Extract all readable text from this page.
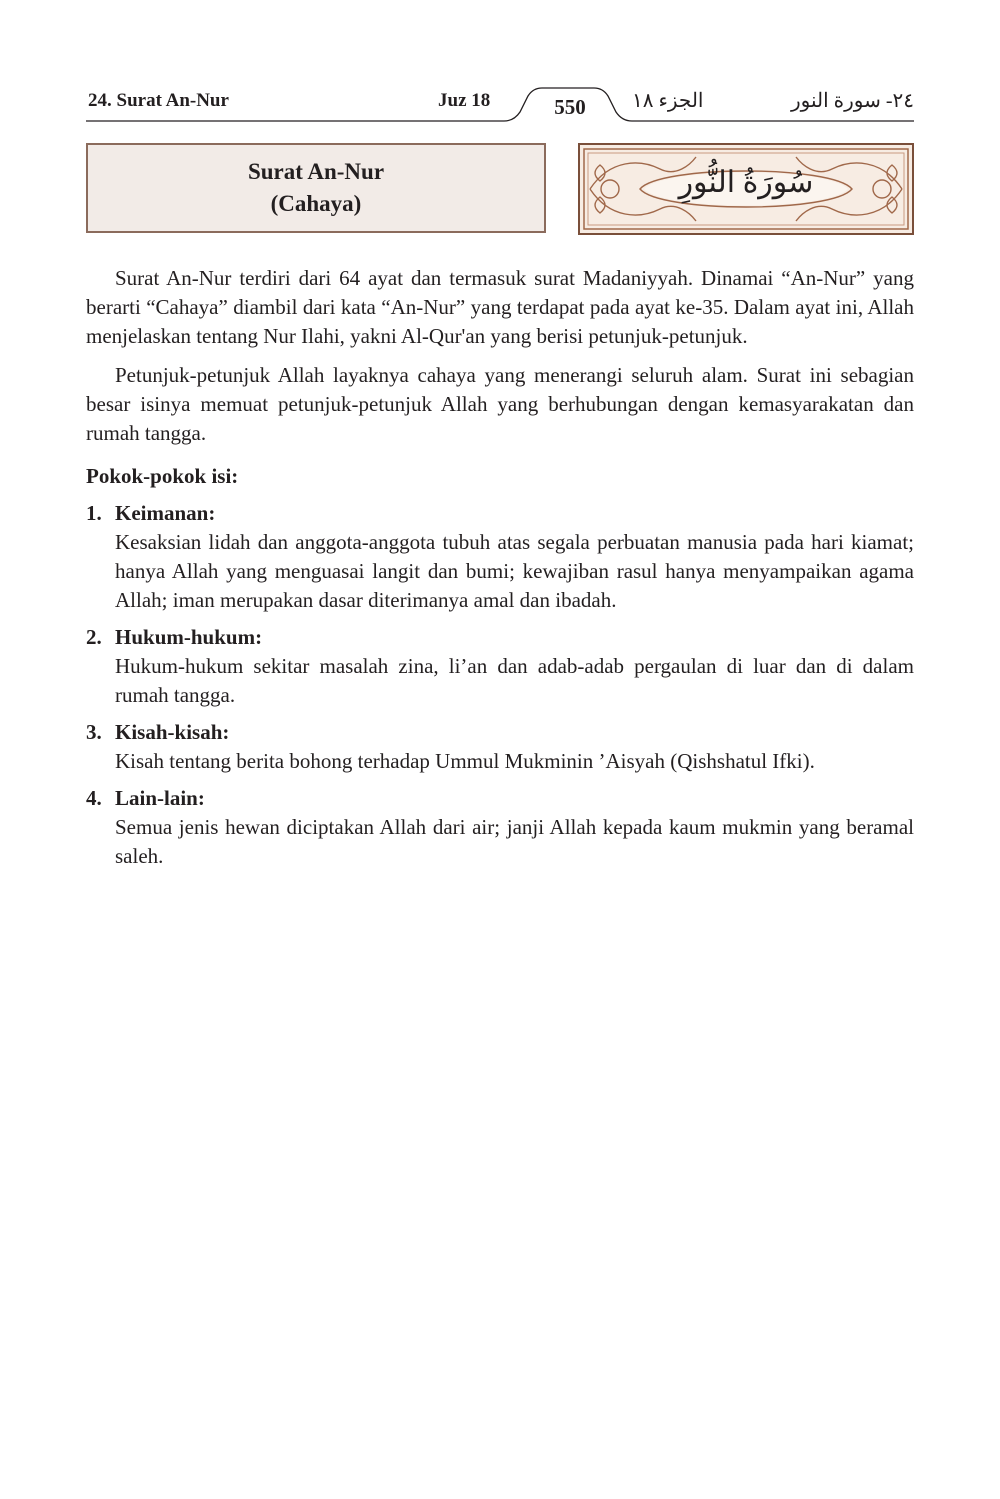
24. Surat An-Nur	Juz 18	550	الجزء ١٨	٢٤- سورة النور
Surat An-Nur
(Cahaya)
سُورَةُ النُّورِ

Surat An-Nur terdiri dari 64 ayat dan termasuk surat Madaniyyah. Dinamai “An-Nur” yang berarti “Cahaya” diambil dari kata “An-Nur” yang terdapat pada ayat ke-35. Dalam ayat ini, Allah menjelaskan tentang Nur Ilahi, yakni Al-Qur'an yang berisi petunjuk-petunjuk.

Petunjuk-petunjuk Allah layaknya cahaya yang menerangi seluruh alam. Surat ini sebagian besar isinya memuat petunjuk-petunjuk Allah yang berhubungan dengan kemasyarakatan dan rumah tangga.

Pokok-pokok isi:
1. Keimanan:
Kesaksian lidah dan anggota-anggota tubuh atas segala perbuatan manusia pada hari kiamat; hanya Allah yang menguasai langit dan bumi; kewajiban rasul hanya menyampaikan agama Allah; iman merupakan dasar diterimanya amal dan ibadah.
2. Hukum-hukum:
Hukum-hukum sekitar masalah zina, li’an dan adab-adab pergaulan di luar dan di dalam rumah tangga.
3. Kisah-kisah:
Kisah tentang berita bohong terhadap Ummul Mukminin ’Aisyah (Qishshatul Ifki).
4. Lain-lain:
Semua jenis hewan diciptakan Allah dari air; janji Allah kepada kaum mukmin yang beramal saleh.
